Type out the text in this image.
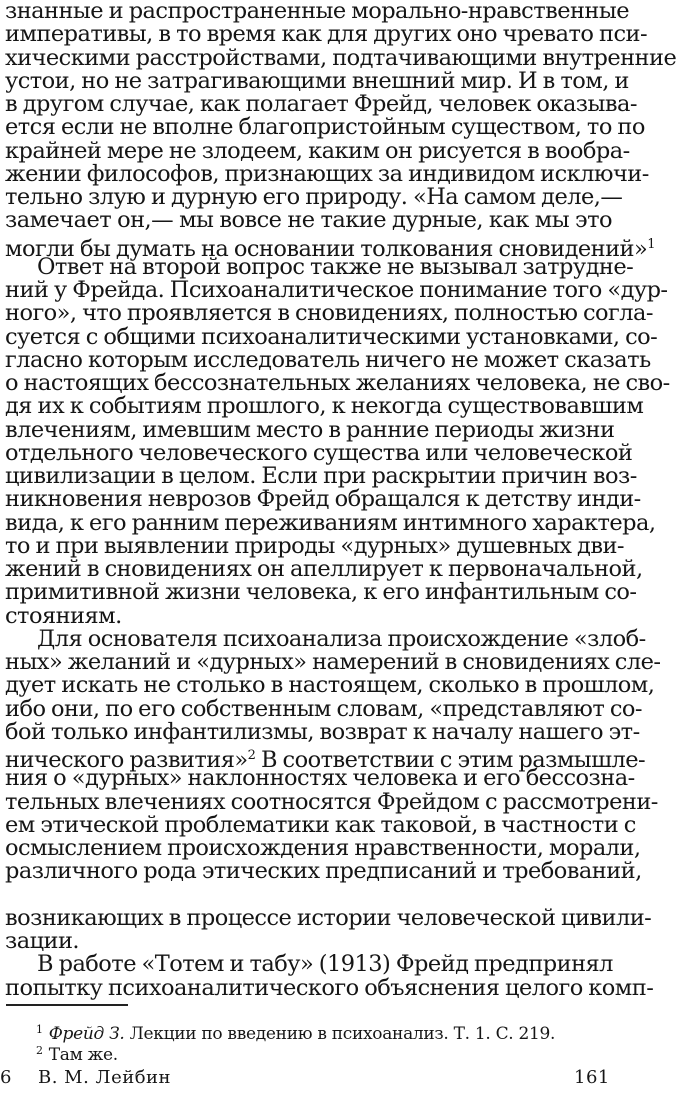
знанные и распространенные морально-нравственные
императивы, в то время как для других оно чревато пси-
хическими расстройствами, подтачивающими внутренние
устои, но не затрагивающими внешний мир. И в том, и
в другом случае, как полагает Фрейд, человек оказыва-
ется если не вполне благопристойным существом, то по
крайней мере не злодеем, каким он рисуется в вообра-
жении философов, признающих за индивидом исключи-
тельно злую и дурную его природу. «На самом деле,—
замечает он,— мы вовсе не такие дурные, как мы это
могли бы думать на основании толкования сновидений»$^1$
Ответ на второй вопрос также не вызывал затрудне-
ний у Фрейда. Психоаналитическое понимание того «дур-
ного», что проявляется в сновидениях, полностью согла-
суется с общими психоаналитическими установками, со-
гласно которым исследователь ничего не может сказать
о настоящих бессознательных желаниях человека, не сво-
дя их к событиям прошлого, к некогда существовавшим
влечениям, имевшим место в ранние периоды жизни
отдельного человеческого существа или человеческой
цивилизации в целом. Если при раскрытии причин воз-
никновения неврозов Фрейд обращался к детству инди-
вида, к его ранним переживаниям интимного характера,
то и при выявлении природы «дурных» душевных дви-
жений в сновидениях он апеллирует к первоначальной,
примитивной жизни человека, к его инфантильным со-
стояниям.
Для основателя психоанализа происхождение «злоб-
ных» желаний и «дурных» намерений в сновидениях сле-
дует искать не столько в настоящем, сколько в прошлом,
ибо они, по его собственным словам, «представляют со-
бой только инфантилизмы, возврат к началу нашего эт-
нического развития»$^2$ В соответствии с этим размышле-
ния о «дурных» наклонностях человека и его бессозна-
тельных влечениях соотносятся Фрейдом с рассмотрени-
ем этической проблематики как таковой, в частности с
осмыслением происхождения нравственности, морали,
различного рода этических предписаний и требований,
возникающих в процессе истории человеческой цивили-
зации.
В работе «Тотем и табу» (1913) Фрейд предпринял
попытку психоаналитического объяснения целого комп-
$^1$ Фрейд З. Лекции по введению в психоанализ. Т. 1. С. 219.
$^2$ Там же.
6 В. М. Лейбин	161
